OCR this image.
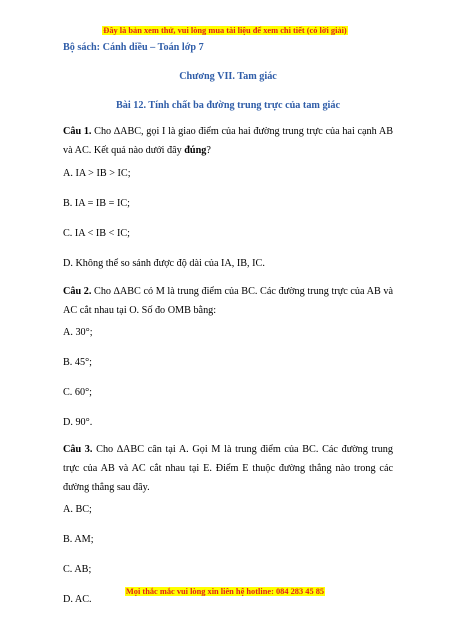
Đây là bản xem thử, vui lòng mua tài liệu để xem chi tiết (có lời giải)
Bộ sách: Cánh diều – Toán lớp 7
Chương VII. Tam giác
Bài 12. Tính chất ba đường trung trực của tam giác
Câu 1. Cho ∆ABC, gọi I là giao điểm của hai đường trung trực của hai cạnh AB và AC. Kết quả nào dưới đây đúng?
A. IA > IB > IC;
B. IA = IB = IC;
C. IA < IB < IC;
D. Không thể so sánh được độ dài của IA, IB, IC.
Câu 2. Cho ∆ABC có M là trung điểm của BC. Các đường trung trực của AB và AC cắt nhau tại O. Số đo OMB bằng:
A. 30°;
B. 45°;
C. 60°;
D. 90°.
Câu 3. Cho ∆ABC cân tại A. Gọi M là trung điểm của BC. Các đường trung trực của AB và AC cắt nhau tại E. Điểm E thuộc đường thẳng nào trong các đường thẳng sau đây.
A. BC;
B. AM;
C. AB;
D. AC.
Mọi thắc mắc vui lòng xin liên hệ hotline: 084 283 45 85
